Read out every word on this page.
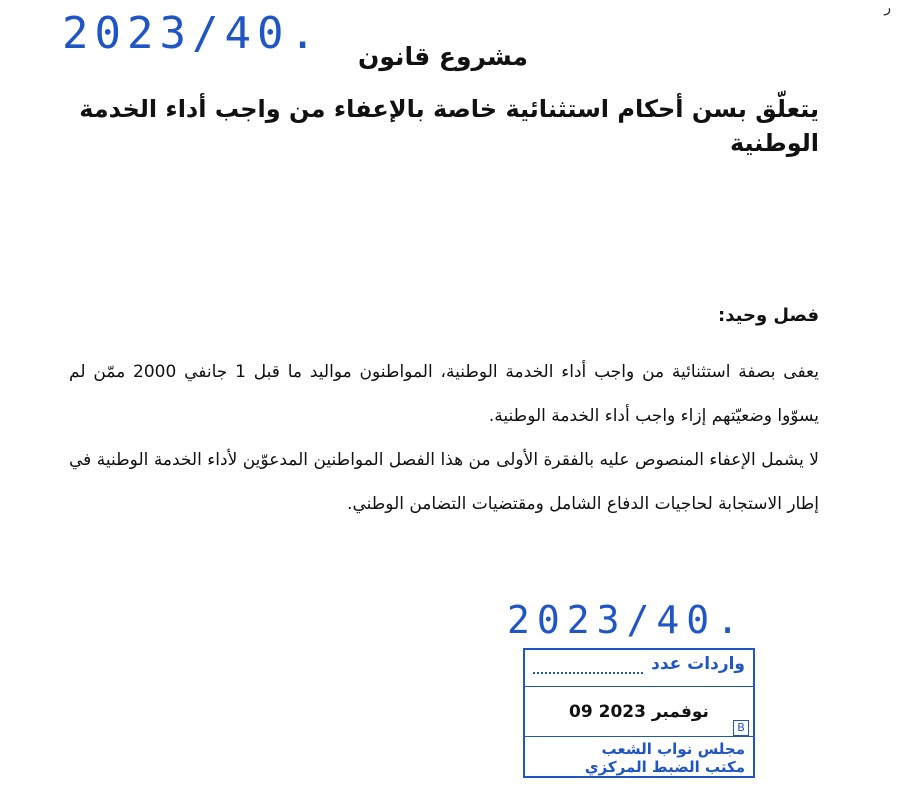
ر
2023/40. مشروع قانون
يتعلّق بسن أحكام استثنائية خاصة بالإعفاء من واجب أداء الخدمة الوطنية
فصل وحيد:
يعفى بصفة استثنائية من واجب أداء الخدمة الوطنية، المواطنون مواليد ما قبل 1 جانفي 2000 ممّن لم يسوّوا وضعيّتهم إزاء واجب أداء الخدمة الوطنية.
لا يشمل الإعفاء المنصوص عليه بالفقرة الأولى من هذا الفصل المواطنين المدعوّين لأداء الخدمة الوطنية في إطار الاستجابة لحاجيات الدفاع الشامل ومقتضيات التضامن الوطني.
2023/40.
واردات عدد
09 نوفمبر 2023
B
مجلس نواب الشعب
مكتب الضبط المركزي
